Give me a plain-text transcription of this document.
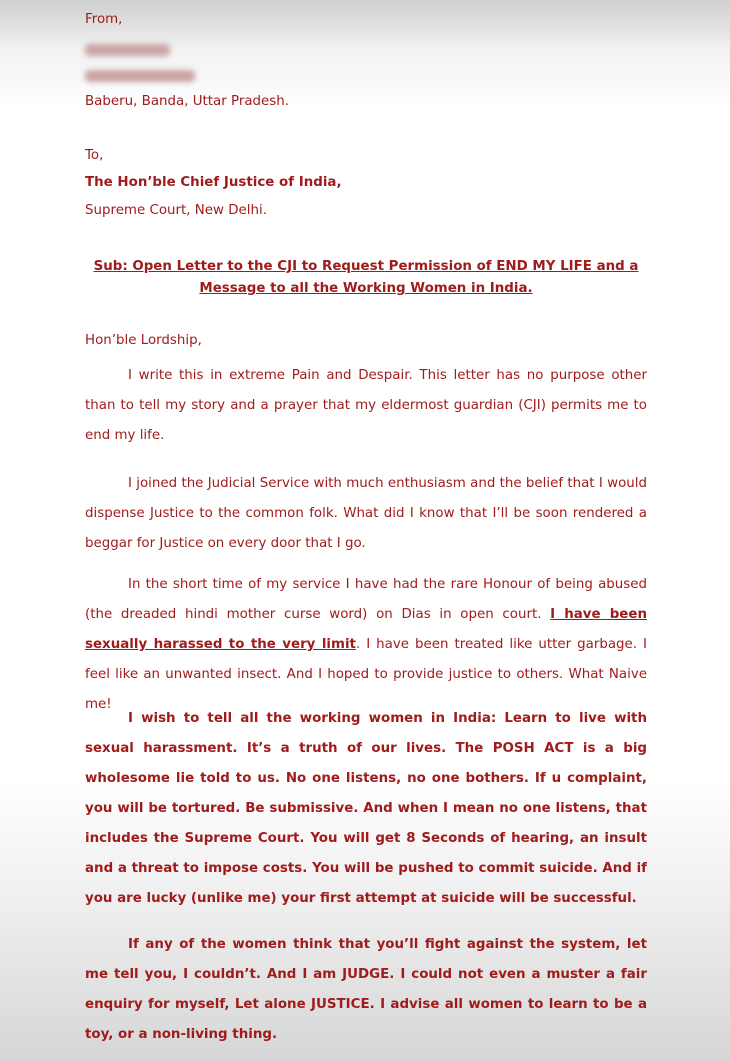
From,
Baberu, Banda, Uttar Pradesh.
To,
The Hon’ble Chief Justice of India,
Supreme Court, New Delhi.
Sub: Open Letter to the CJI to Request Permission of END MY LIFE and a
Message to all the Working Women in India.
Hon’ble Lordship,
I write this in extreme Pain and Despair. This letter has no purpose other than to tell my story and a prayer that my eldermost guardian (CJI) permits me to end my life.
I joined the Judicial Service with much enthusiasm and the belief that I would dispense Justice to the common folk. What did I know that I’ll be soon rendered a beggar for Justice on every door that I go.
In the short time of my service I have had the rare Honour of being abused (the dreaded hindi mother curse word) on Dias in open court. I have been sexually harassed to the very limit. I have been treated like utter garbage. I feel like an unwanted insect. And I hoped to provide justice to others. What Naive me!
I wish to tell all the working women in India: Learn to live with sexual harassment. It’s a truth of our lives. The POSH ACT is a big wholesome lie told to us. No one listens, no one bothers. If u complaint, you will be tortured. Be submissive. And when I mean no one listens, that includes the Supreme Court. You will get 8 Seconds of hearing, an insult and a threat to impose costs. You will be pushed to commit suicide. And if you are lucky (unlike me) your first attempt at suicide will be successful.
If any of the women think that you’ll fight against the system, let me tell you, I couldn’t. And I am JUDGE. I could not even a muster a fair enquiry for myself, Let alone JUSTICE. I advise all women to learn to be a toy, or a non-living thing.
